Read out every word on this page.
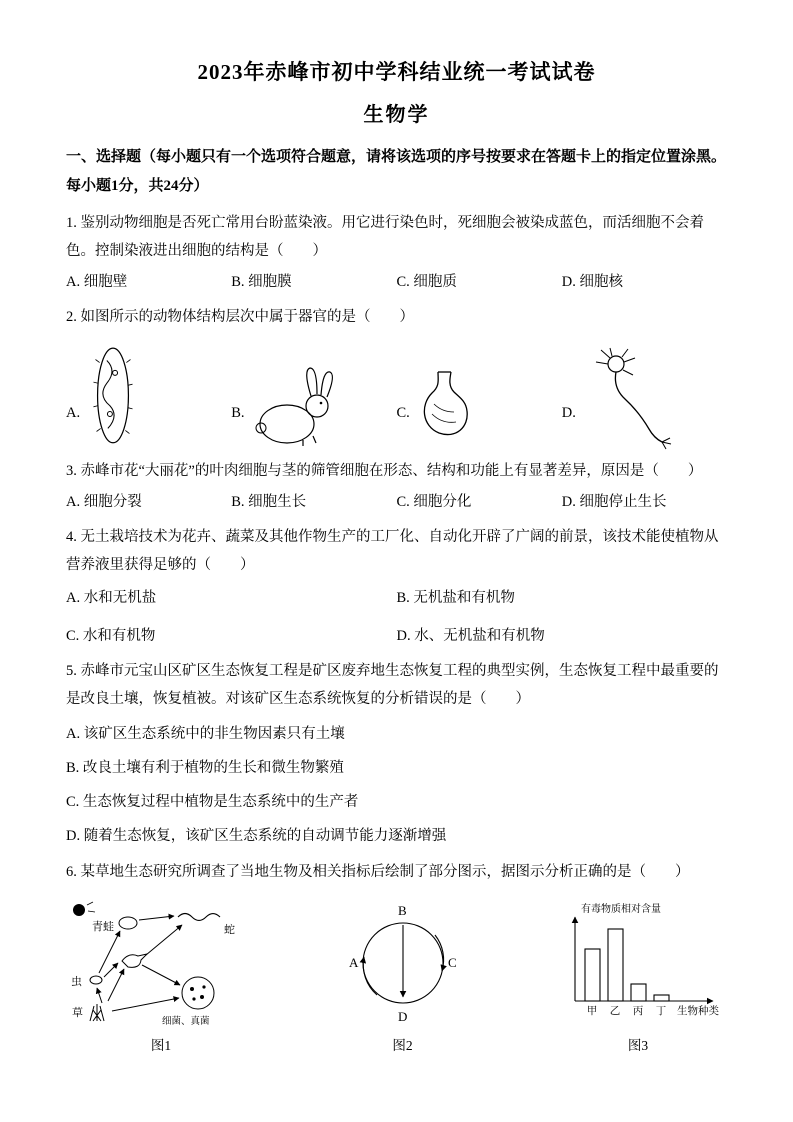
2023年赤峰市初中学科结业统一考试试卷
生物学
一、选择题（每小题只有一个选项符合题意，请将该选项的序号按要求在答题卡上的指定位置涂黑。每小题1分，共24分）
1. 鉴别动物细胞是否死亡常用台盼蓝染液。用它进行染色时，死细胞会被染成蓝色，而活细胞不会着色。控制染液进出细胞的结构是（　　）
A. 细胞壁	B. 细胞膜	C. 细胞质	D. 细胞核
2. 如图所示的动物体结构层次中属于器官的是（　　）
A.	B.	C.	D.
3. 赤峰市花“大丽花”的叶肉细胞与茎的筛管细胞在形态、结构和功能上有显著差异，原因是（　　）
A. 细胞分裂	B. 细胞生长	C. 细胞分化	D. 细胞停止生长
4. 无土栽培技术为花卉、蔬菜及其他作物生产的工厂化、自动化开辟了广阔的前景，该技术能使植物从营养液里获得足够的（　　）
A. 水和无机盐	B. 无机盐和有机物
C. 水和有机物	D. 水、无机盐和有机物
5. 赤峰市元宝山区矿区生态恢复工程是矿区废弃地生态恢复工程的典型实例，生态恢复工程中最重要的是改良土壤，恢复植被。对该矿区生态系统恢复的分析错误的是（　　）
A. 该矿区生态系统中的非生物因素只有土壤
B. 改良土壤有利于植物的生长和微生物繁殖
C. 生态恢复过程中植物是生态系统中的生产者
D. 随着生态恢复，该矿区生态系统的自动调节能力逐渐增强
6. 某草地生态研究所调查了当地生物及相关指标后绘制了部分图示，据图示分析正确的是（　　）
青蛙	蛇
虫
草
细菌、真菌
图1
B
A	C
D
图2
有毒物质相对含量
甲 乙 丙 丁 生物种类
图3
